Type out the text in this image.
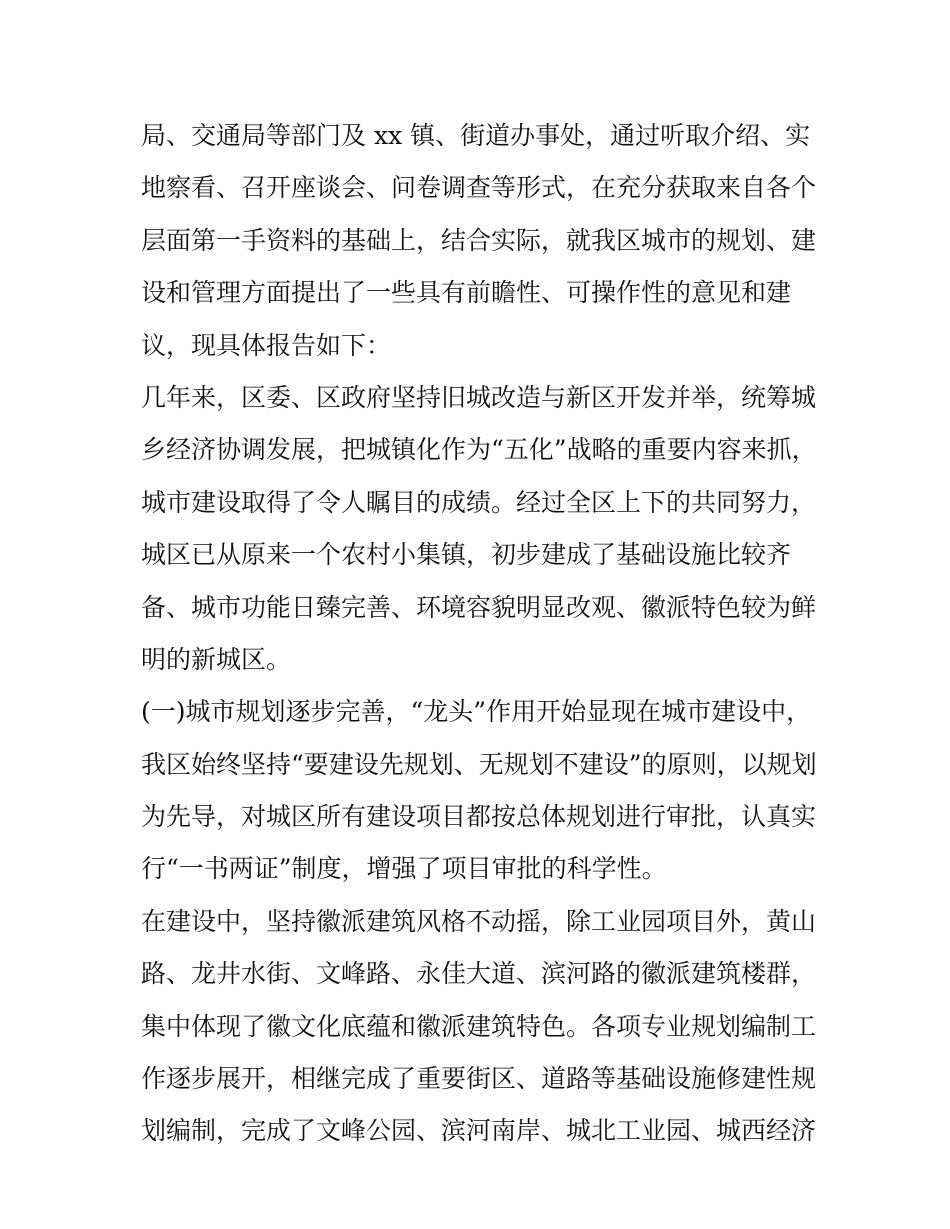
局、交通局等部门及 xx 镇、街道办事处，通过听取介绍、实
地察看、召开座谈会、问卷调查等形式，在充分获取来自各个
层面第一手资料的基础上，结合实际，就我区城市的规划、建
设和管理方面提出了一些具有前瞻性、可操作性的意见和建
议，现具体报告如下：
几年来，区委、区政府坚持旧城改造与新区开发并举，统筹城
乡经济协调发展，把城镇化作为“五化”战略的重要内容来抓，
城市建设取得了令人瞩目的成绩。经过全区上下的共同努力，
城区已从原来一个农村小集镇，初步建成了基础设施比较齐
备、城市功能日臻完善、环境容貌明显改观、徽派特色较为鲜
明的新城区。
(一)城市规划逐步完善，“龙头”作用开始显现在城市建设中，
我区始终坚持“要建设先规划、无规划不建设”的原则，以规划
为先导，对城区所有建设项目都按总体规划进行审批，认真实
行“一书两证”制度，增强了项目审批的科学性。
在建设中，坚持徽派建筑风格不动摇，除工业园项目外，黄山
路、龙井水街、文峰路、永佳大道、滨河路的徽派建筑楼群，
集中体现了徽文化底蕴和徽派建筑特色。各项专业规划编制工
作逐步展开，相继完成了重要街区、道路等基础设施修建性规
划编制，完成了文峰公园、滨河南岸、城北工业园、城西经济
